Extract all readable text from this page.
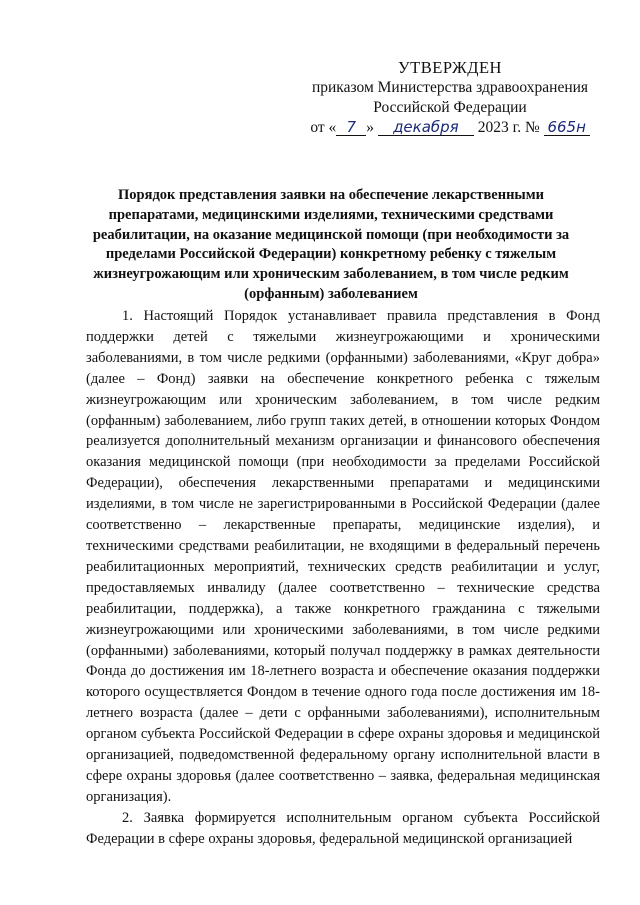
УТВЕРЖДЕН
приказом Министерства здравоохранения
Российской Федерации
от « 7 » декабря 2023 г. № 665н
Порядок представления заявки на обеспечение лекарственными препаратами, медицинскими изделиями, техническими средствами реабилитации, на оказание медицинской помощи (при необходимости за пределами Российской Федерации) конкретному ребенку с тяжелым жизнеугрожающим или хроническим заболеванием, в том числе редким (орфанным) заболеванием

1. Настоящий Порядок устанавливает правила представления в Фонд поддержки детей с тяжелыми жизнеугрожающими и хроническими заболеваниями, в том числе редкими (орфанными) заболеваниями, «Круг добра» (далее – Фонд) заявки на обеспечение конкретного ребенка с тяжелым жизнеугрожающим или хроническим заболеванием, в том числе редким (орфанным) заболеванием, либо групп таких детей, в отношении которых Фондом реализуется дополнительный механизм организации и финансового обеспечения оказания медицинской помощи (при необходимости за пределами Российской Федерации), обеспечения лекарственными препаратами и медицинскими изделиями, в том числе не зарегистрированными в Российской Федерации (далее соответственно – лекарственные препараты, медицинские изделия), и техническими средствами реабилитации, не входящими в федеральный перечень реабилитационных мероприятий, технических средств реабилитации и услуг, предоставляемых инвалиду (далее соответственно – технические средства реабилитации, поддержка), а также конкретного гражданина с тяжелыми жизнеугрожающими или хроническими заболеваниями, в том числе редкими (орфанными) заболеваниями, который получал поддержку в рамках деятельности Фонда до достижения им 18-летнего возраста и обеспечение оказания поддержки которого осуществляется Фондом в течение одного года после достижения им 18-летнего возраста (далее – дети с орфанными заболеваниями), исполнительным органом субъекта Российской Федерации в сфере охраны здоровья и медицинской организацией, подведомственной федеральному органу исполнительной власти в сфере охраны здоровья (далее соответственно – заявка, федеральная медицинская организация).

2. Заявка формируется исполнительным органом субъекта Российской Федерации в сфере охраны здоровья, федеральной медицинской организацией
